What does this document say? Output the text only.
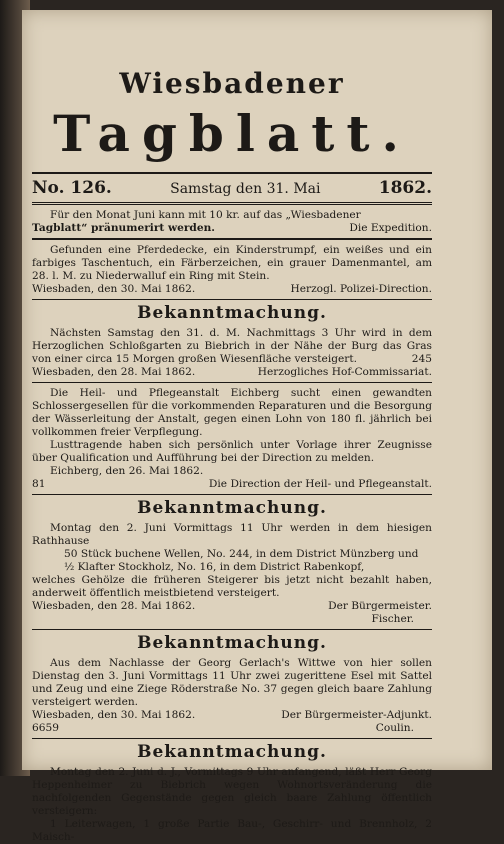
Wiesbadener
Tagblatt.
No. 126.	Samstag den 31. Mai	1862.

Für den Monat Juni kann mit 10 kr. auf das „Wiesbadener

Tagblatt“ pränumerirt werden.	Die Expedition.

Gefunden eine Pferdedecke, ein Kinderstrumpf, ein weißes und ein farbiges Taschentuch, ein Färberzeichen, ein grauer Damenmantel, am 28. l. M. zu Niederwalluf ein Ring mit Stein.

Wiesbaden, den 30. Mai 1862.	Herzogl. Polizei-Direction.
Bekanntmachung.

Nächsten Samstag den 31. d. M. Nachmittags 3 Uhr wird in dem Herzoglichen Schloßgarten zu Biebrich in der Nähe der Burg das Gras von einer circa 15 Morgen großen Wiesenfläche versteigert.	245

Wiesbaden, den 28. Mai 1862.	Herzogliches Hof-Commissariat.

Die Heil- und Pflegeanstalt Eichberg sucht einen gewandten Schlossergesellen für die vorkommenden Reparaturen und die Besorgung der Wässerleitung der Anstalt, gegen einen Lohn von 180 fl. jährlich bei vollkommen freier Verpflegung.

Lusttragende haben sich persönlich unter Vorlage ihrer Zeugnisse über Qualification und Aufführung bei der Direction zu melden.

Eichberg, den 26. Mai 1862.

81	Die Direction der Heil- und Pflegeanstalt.
Bekanntmachung.

Montag den 2. Juni Vormittags 11 Uhr werden in dem hiesigen Rathhause

50 Stück buchene Wellen, No. 244, in dem District Münzberg und

½ Klafter Stockholz, No. 16, in dem District Rabenkopf,

welches Gehölze die früheren Steigerer bis jetzt nicht bezahlt haben, anderweit öffentlich meistbietend versteigert.

Wiesbaden, den 28. Mai 1862.	Der Bürgermeister.
Fischer.
Bekanntmachung.

Aus dem Nachlasse der Georg Gerlach's Wittwe von hier sollen Dienstag den 3. Juni Vormittags 11 Uhr zwei zugerittene Esel mit Sattel und Zeug und eine Ziege Röderstraße No. 37 gegen gleich baare Zahlung versteigert werden.

Wiesbaden, den 30. Mai 1862.	Der Bürgermeister-Adjunkt.
6659	Coulin.
Bekanntmachung.

Montag den 2. Juni d. J., Vormittags 9 Uhr anfangend, läßt Herr Georg Heppenheimer zu Biebrich wegen Wohnortsveränderung die nachfolgenden Gegenstände gegen gleich baare Zahlung öffentlich versteigern:

1 Leiterwagen, 1 große Partie Bau-, Geschirr- und Brennholz, 2 Maisch-
